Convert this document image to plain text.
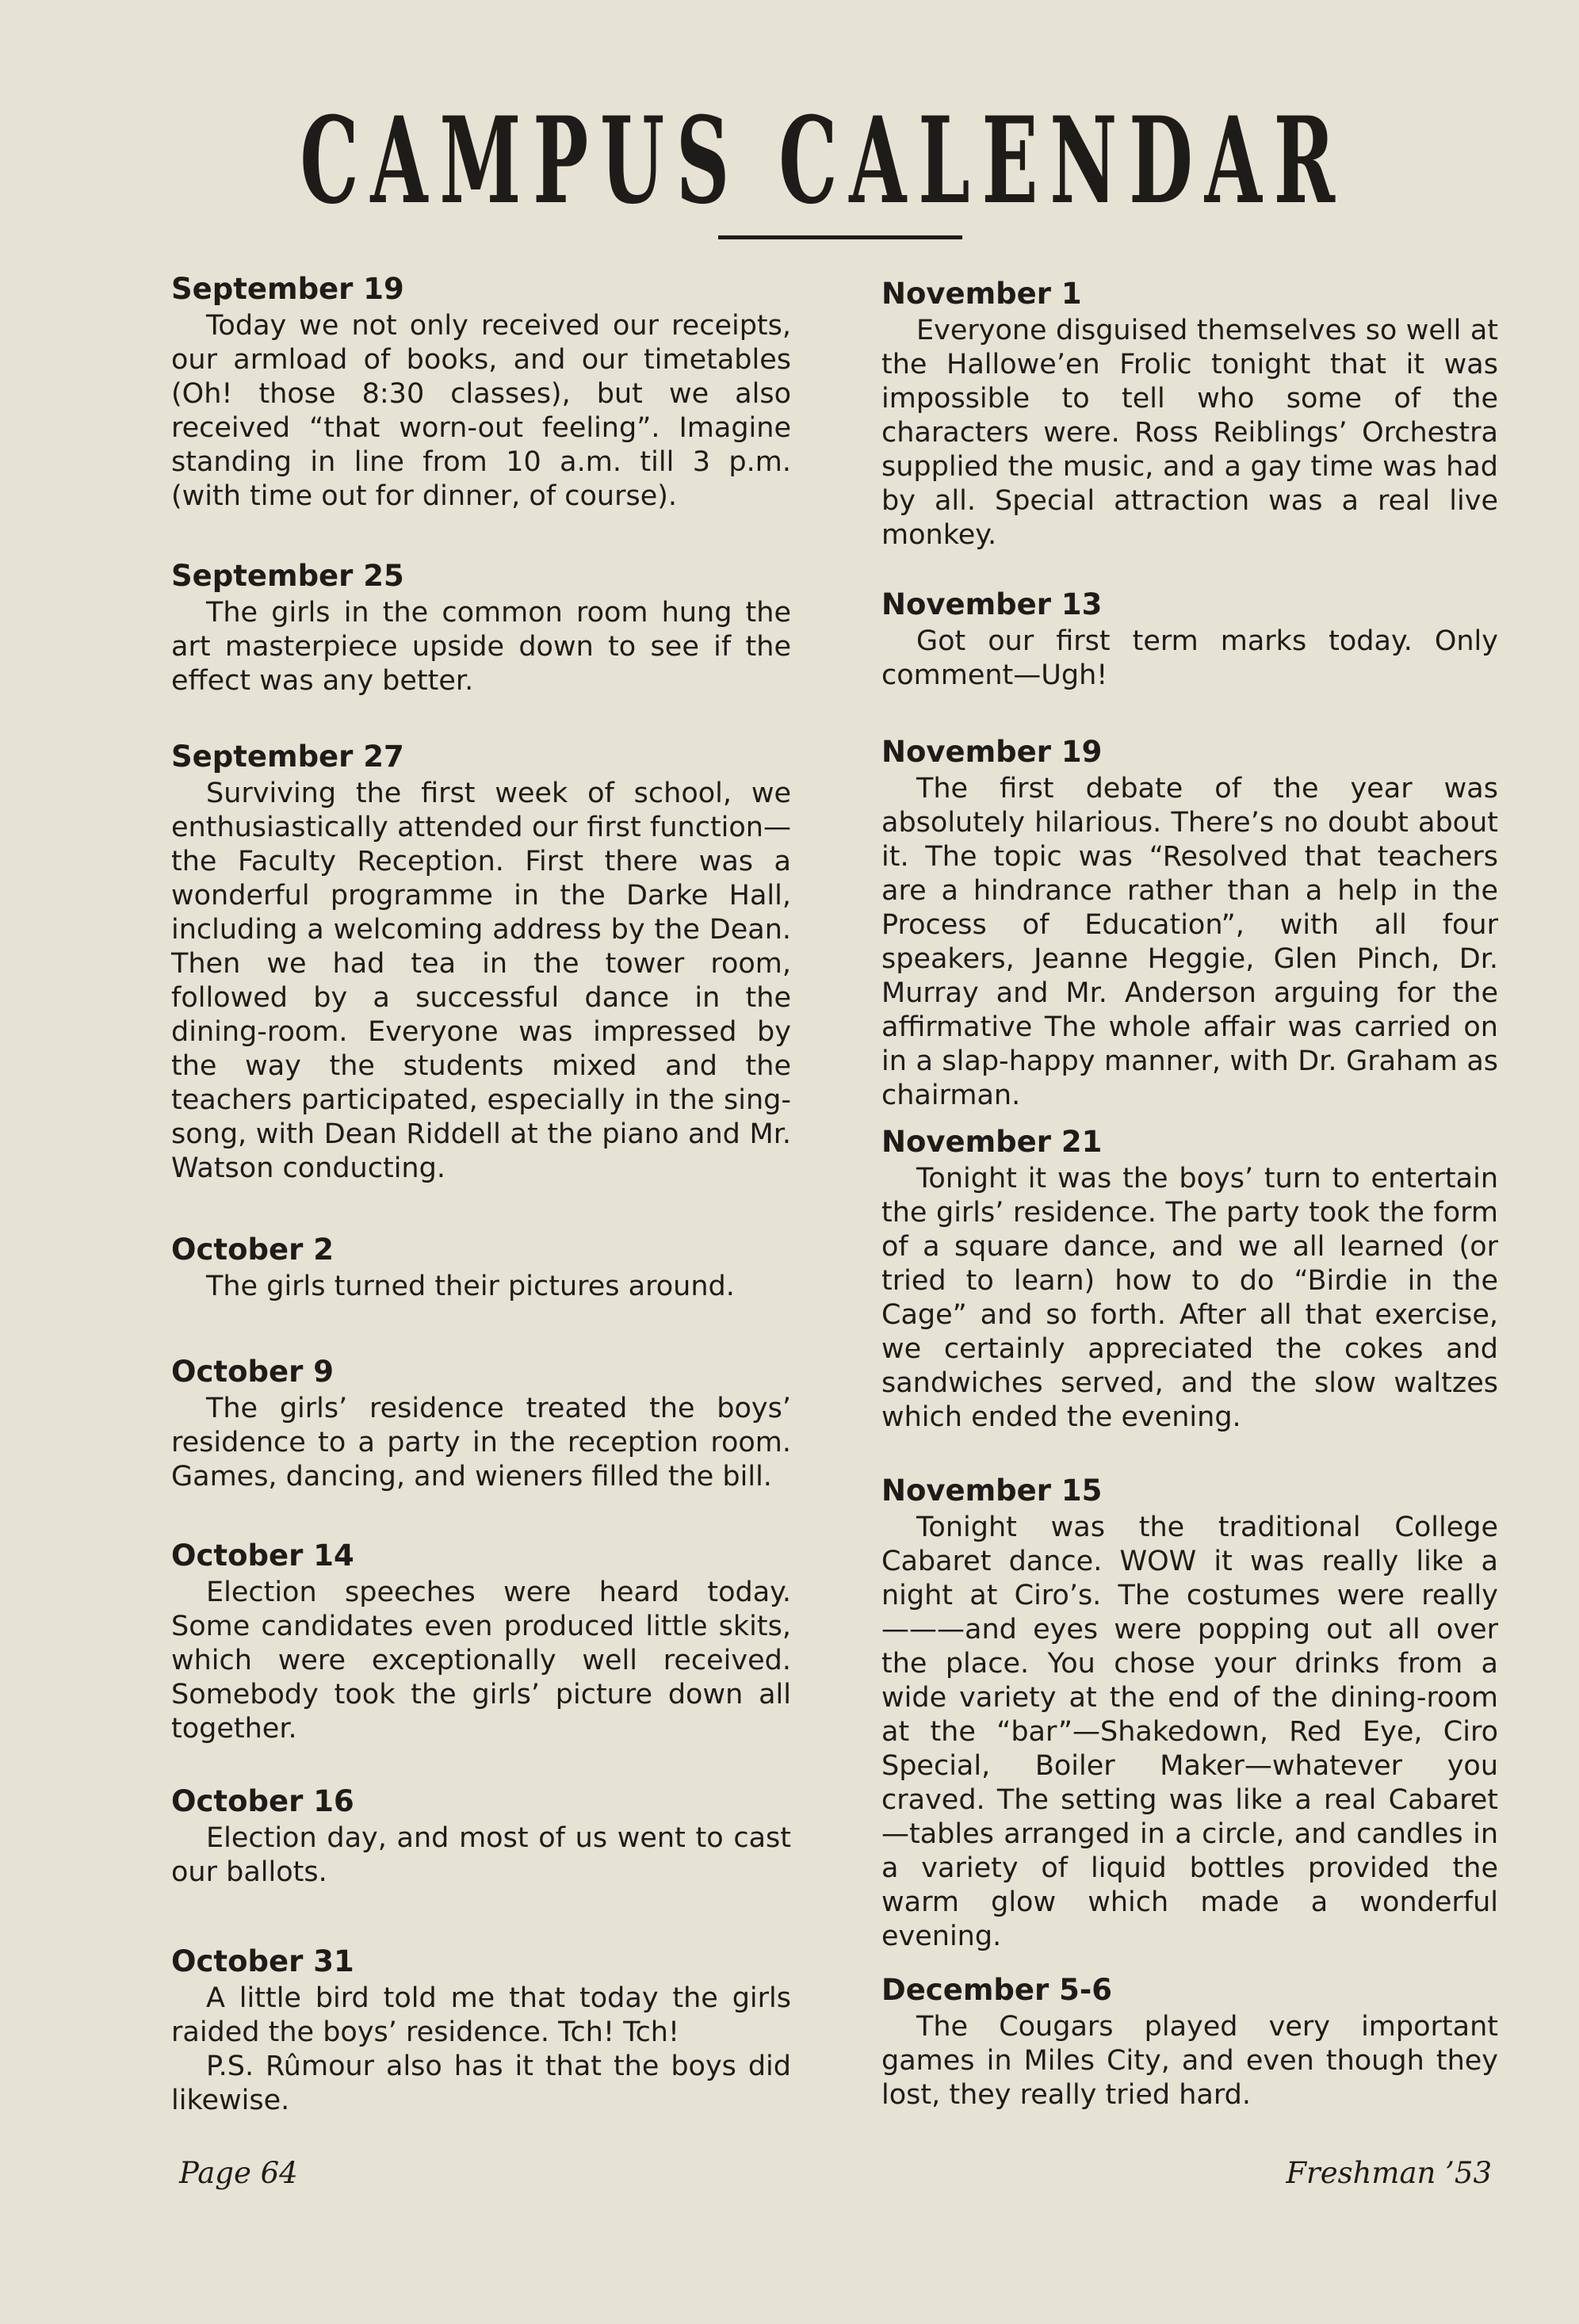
CAMPUS CALENDAR
September 19

Today we not only received our receipts, our armload of books, and our timetables (Oh! those 8:30 classes), but we also received “that worn-out feeling”. Imagine standing in line from 10 a.m. till 3 p.m. (with time out for dinner, of course).

September 25

The girls in the common room hung the art masterpiece upside down to see if the effect was any better.

September 27

Surviving the first week of school, we enthusiastically attended our first function—the Faculty Reception. First there was a wonderful programme in the Darke Hall, including a welcoming address by the Dean. Then we had tea in the tower room, followed by a successful dance in the dining-room. Everyone was impressed by the way the students mixed and the teachers participated, especially in the sing-song, with Dean Riddell at the piano and Mr. Watson conducting.

October 2

The girls turned their pictures around.

October 9

The girls’ residence treated the boys’ residence to a party in the reception room. Games, dancing, and wieners filled the bill.

October 14

Election speeches were heard today. Some candidates even produced little skits, which were exceptionally well received. Somebody took the girls’ picture down all together.

October 16

Election day, and most of us went to cast our ballots.

October 31

A little bird told me that today the girls raided the boys’ residence. Tch! Tch!

P.S. Rûmour also has it that the boys did likewise.

November 1

Everyone disguised themselves so well at the Hallowe’en Frolic tonight that it was impossible to tell who some of the characters were. Ross Reiblings’ Orchestra supplied the music, and a gay time was had by all. Special attraction was a real live monkey.

November 13

Got our first term marks today. Only comment—Ugh!

November 19

The first debate of the year was absolutely hilarious. There’s no doubt about it. The topic was “Resolved that teachers are a hindrance rather than a help in the Process of Education”, with all four speakers, Jeanne Heggie, Glen Pinch, Dr. Murray and Mr. Anderson arguing for the affirmative The whole affair was carried on in a slap-happy manner, with Dr. Graham as chairman.

November 21

Tonight it was the boys’ turn to entertain the girls’ residence. The party took the form of a square dance, and we all learned (or tried to learn) how to do “Birdie in the Cage” and so forth. After all that exercise, we certainly appreciated the cokes and sandwiches served, and the slow waltzes which ended the evening.

November 15

Tonight was the traditional College Cabaret dance. WOW it was really like a night at Ciro’s. The costumes were really———and eyes were popping out all over the place. You chose your drinks from a wide variety at the end of the dining-room at the “bar”—Shakedown, Red Eye, Ciro Special, Boiler Maker—whatever you craved. The setting was like a real Cabaret—tables arranged in a circle, and candles in a variety of liquid bottles provided the warm glow which made a wonderful evening.

December 5-6

The Cougars played very important games in Miles City, and even though they lost, they really tried hard.

Page 64	Freshman ’53
